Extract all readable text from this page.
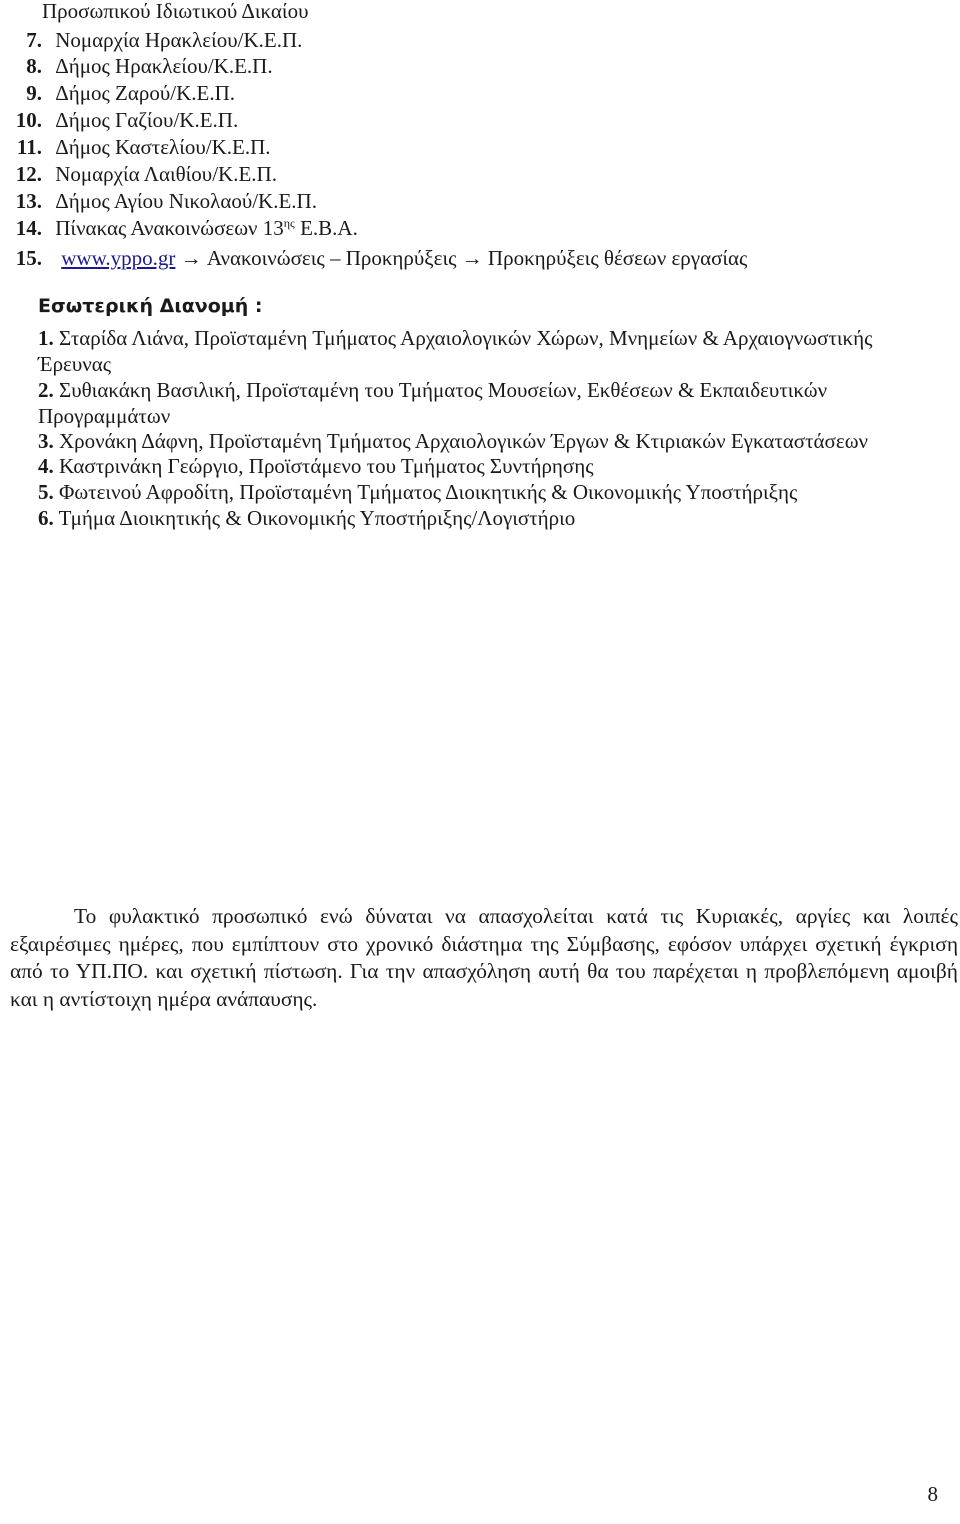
Προσωπικού Ιδιωτικού Δικαίου
7. Νομαρχία Ηρακλείου/Κ.Ε.Π.
8. Δήμος Ηρακλείου/Κ.Ε.Π.
9. Δήμος Ζαρού/Κ.Ε.Π.
10. Δήμος Γαζίου/Κ.Ε.Π.
11. Δήμος Καστελίου/Κ.Ε.Π.
12. Νομαρχία Λαιθίου/Κ.Ε.Π.
13. Δήμος Αγίου Νικολαού/Κ.Ε.Π.
14. Πίνακας Ανακοινώσεων $13^{\eta\varsigma}$ Ε.Β.Α.
15. www.yppo.gr → Ανακοινώσεις – Προκηρύξεις → Προκηρύξεις θέσεων εργασίας
Εσωτερική Διανομή :
1. Σταρίδα Λιάνα, Προϊσταμένη Τμήματος Αρχαιολογικών Χώρων, Μνημείων & Αρχαιογνωστικής
Έρευνας
2. Συθιακάκη Βασιλική, Προϊσταμένη του Τμήματος Μουσείων, Εκθέσεων & Εκπαιδευτικών
Προγραμμάτων
3. Χρονάκη Δάφνη, Προϊσταμένη Τμήματος Αρχαιολογικών Έργων & Κτιριακών Εγκαταστάσεων
4. Καστρινάκη Γεώργιο, Προϊστάμενο του Τμήματος Συντήρησης
5. Φωτεινού Αφροδίτη, Προϊσταμένη Τμήματος Διοικητικής & Οικονομικής Υποστήριξης
6. Τμήμα Διοικητικής & Οικονομικής Υποστήριξης/Λογιστήριο
Το φυλακτικό προσωπικό ενώ δύναται να απασχολείται κατά τις Κυριακές, αργίες και λοιπές εξαιρέσιμες ημέρες, που εμπίπτουν στο χρονικό διάστημα της Σύμβασης, εφόσον υπάρχει σχετική έγκριση από το ΥΠ.ΠΟ. και σχετική πίστωση. Για την απασχόληση αυτή θα του παρέχεται η προβλεπόμενη αμοιβή και η αντίστοιχη ημέρα ανάπαυσης.
8
